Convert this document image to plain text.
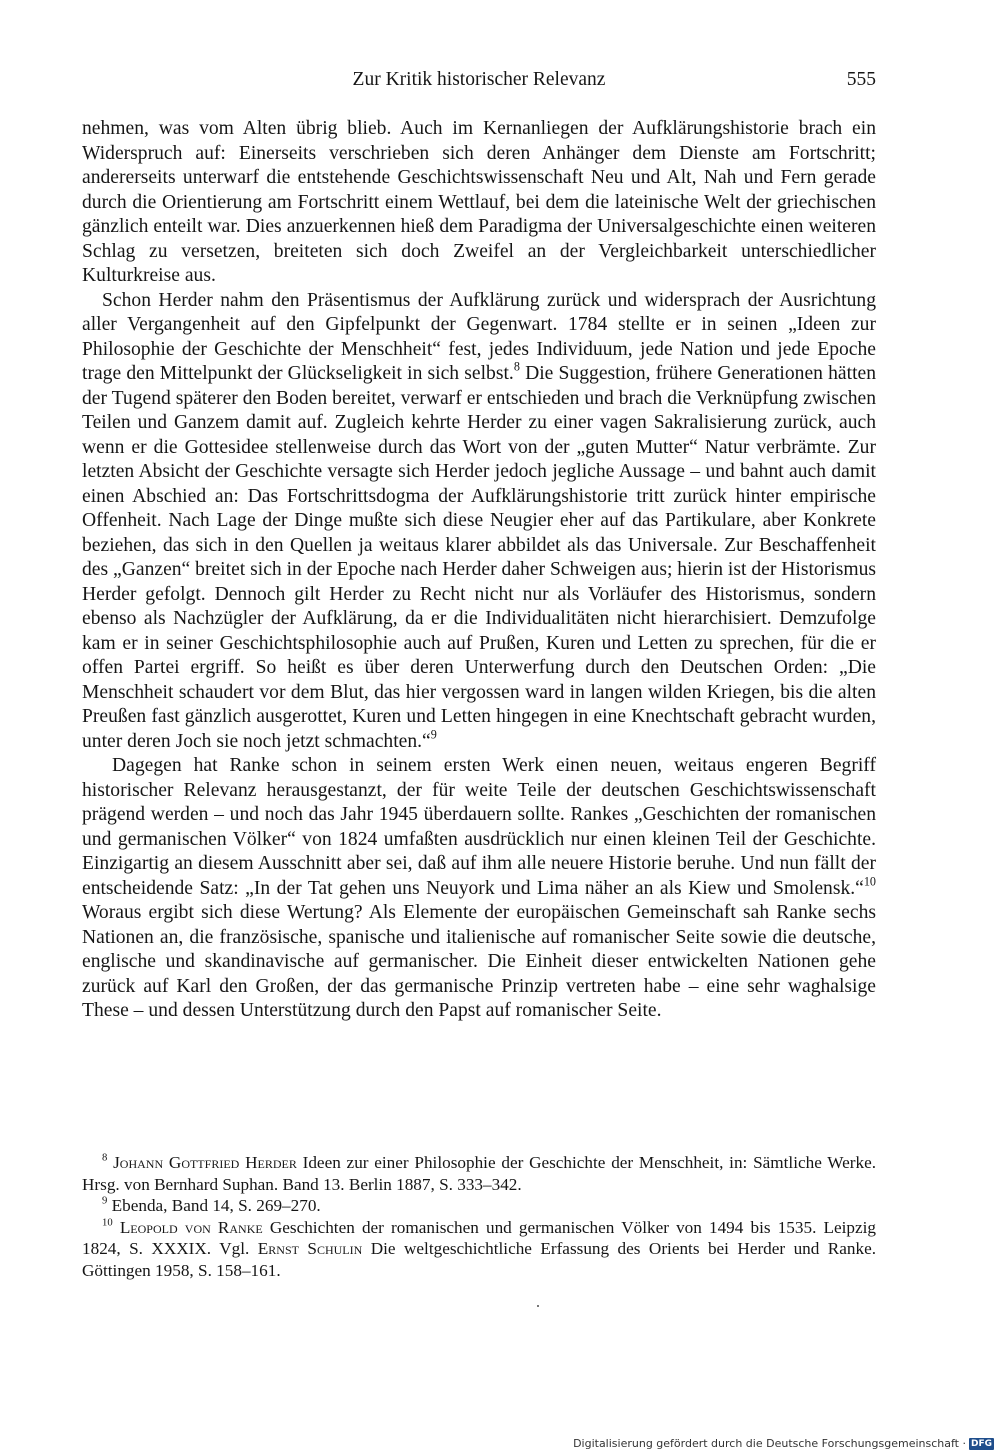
Zur Kritik historischer Relevanz	555

nehmen, was vom Alten übrig blieb. Auch im Kernanliegen der Aufklärungshistorie brach ein Widerspruch auf: Einerseits verschrieben sich deren Anhänger dem Dienste am Fortschritt; andererseits unterwarf die entstehende Geschichtswissenschaft Neu und Alt, Nah und Fern gerade durch die Orientierung am Fortschritt einem Wettlauf, bei dem die lateinische Welt der griechischen gänzlich enteilt war. Dies anzuerkennen hieß dem Paradigma der Universalgeschichte einen weiteren Schlag zu versetzen, breiteten sich doch Zweifel an der Vergleichbarkeit unterschiedlicher Kulturkreise aus.

Schon Herder nahm den Präsentismus der Aufklärung zurück und widersprach der Ausrichtung aller Vergangenheit auf den Gipfelpunkt der Gegenwart. 1784 stellte er in seinen „Ideen zur Philosophie der Geschichte der Menschheit“ fest, jedes Individuum, jede Nation und jede Epoche trage den Mittelpunkt der Glückseligkeit in sich selbst.$^8$ Die Suggestion, frühere Generationen hätten der Tugend späterer den Boden bereitet, verwarf er entschieden und brach die Verknüpfung zwischen Teilen und Ganzem damit auf. Zugleich kehrte Herder zu einer vagen Sakralisierung zurück, auch wenn er die Gottesidee stellenweise durch das Wort von der „guten Mutter“ Natur verbrämte. Zur letzten Absicht der Geschichte versagte sich Herder jedoch jegliche Aussage – und bahnt auch damit einen Abschied an: Das Fortschrittsdogma der Aufklärungshistorie tritt zurück hinter empirische Offenheit. Nach Lage der Dinge mußte sich diese Neugier eher auf das Partikulare, aber Konkrete beziehen, das sich in den Quellen ja weitaus klarer abbildet als das Universale. Zur Beschaffenheit des „Ganzen“ breitet sich in der Epoche nach Herder daher Schweigen aus; hierin ist der Historismus Herder gefolgt. Dennoch gilt Herder zu Recht nicht nur als Vorläufer des Historismus, sondern ebenso als Nachzügler der Aufklärung, da er die Individualitäten nicht hierarchisiert. Demzufolge kam er in seiner Geschichtsphilosophie auch auf Prußen, Kuren und Letten zu sprechen, für die er offen Partei ergriff. So heißt es über deren Unterwerfung durch den Deutschen Orden: „Die Menschheit schaudert vor dem Blut, das hier vergossen ward in langen wilden Kriegen, bis die alten Preußen fast gänzlich ausgerottet, Kuren und Letten hingegen in eine Knechtschaft gebracht wurden, unter deren Joch sie noch jetzt schmachten.“$^9$

Dagegen hat Ranke schon in seinem ersten Werk einen neuen, weitaus engeren Begriff historischer Relevanz herausgestanzt, der für weite Teile der deutschen Geschichtswissenschaft prägend werden – und noch das Jahr 1945 überdauern sollte. Rankes „Geschichten der romanischen und germanischen Völker“ von 1824 umfaßten ausdrücklich nur einen kleinen Teil der Geschichte. Einzigartig an diesem Ausschnitt aber sei, daß auf ihm alle neuere Historie beruhe. Und nun fällt der entscheidende Satz: „In der Tat gehen uns Neuyork und Lima näher an als Kiew und Smolensk.“$^{10}$ Woraus ergibt sich diese Wertung? Als Elemente der europäischen Gemeinschaft sah Ranke sechs Nationen an, die französische, spanische und italienische auf romanischer Seite sowie die deutsche, englische und skandinavische auf germanischer. Die Einheit dieser entwickelten Nationen gehe zurück auf Karl den Großen, der das germanische Prinzip vertreten habe – eine sehr waghalsige These – und dessen Unterstützung durch den Papst auf romanischer Seite.

$^8$ Johann Gottfried Herder Ideen zur einer Philosophie der Geschichte der Menschheit, in: Sämtliche Werke. Hrsg. von Bernhard Suphan. Band 13. Berlin 1887, S. 333–342.

$^9$ Ebenda, Band 14, S. 269–270.

$^{10}$ Leopold von Ranke Geschichten der romanischen und germanischen Völker von 1494 bis 1535. Leipzig 1824, S. XXXIX. Vgl. Ernst Schulin Die weltgeschichtliche Erfassung des Orients bei Herder und Ranke. Göttingen 1958, S. 158–161.

Digitalisierung gefördert durch die Deutsche Forschungsgemeinschaft · DFG
